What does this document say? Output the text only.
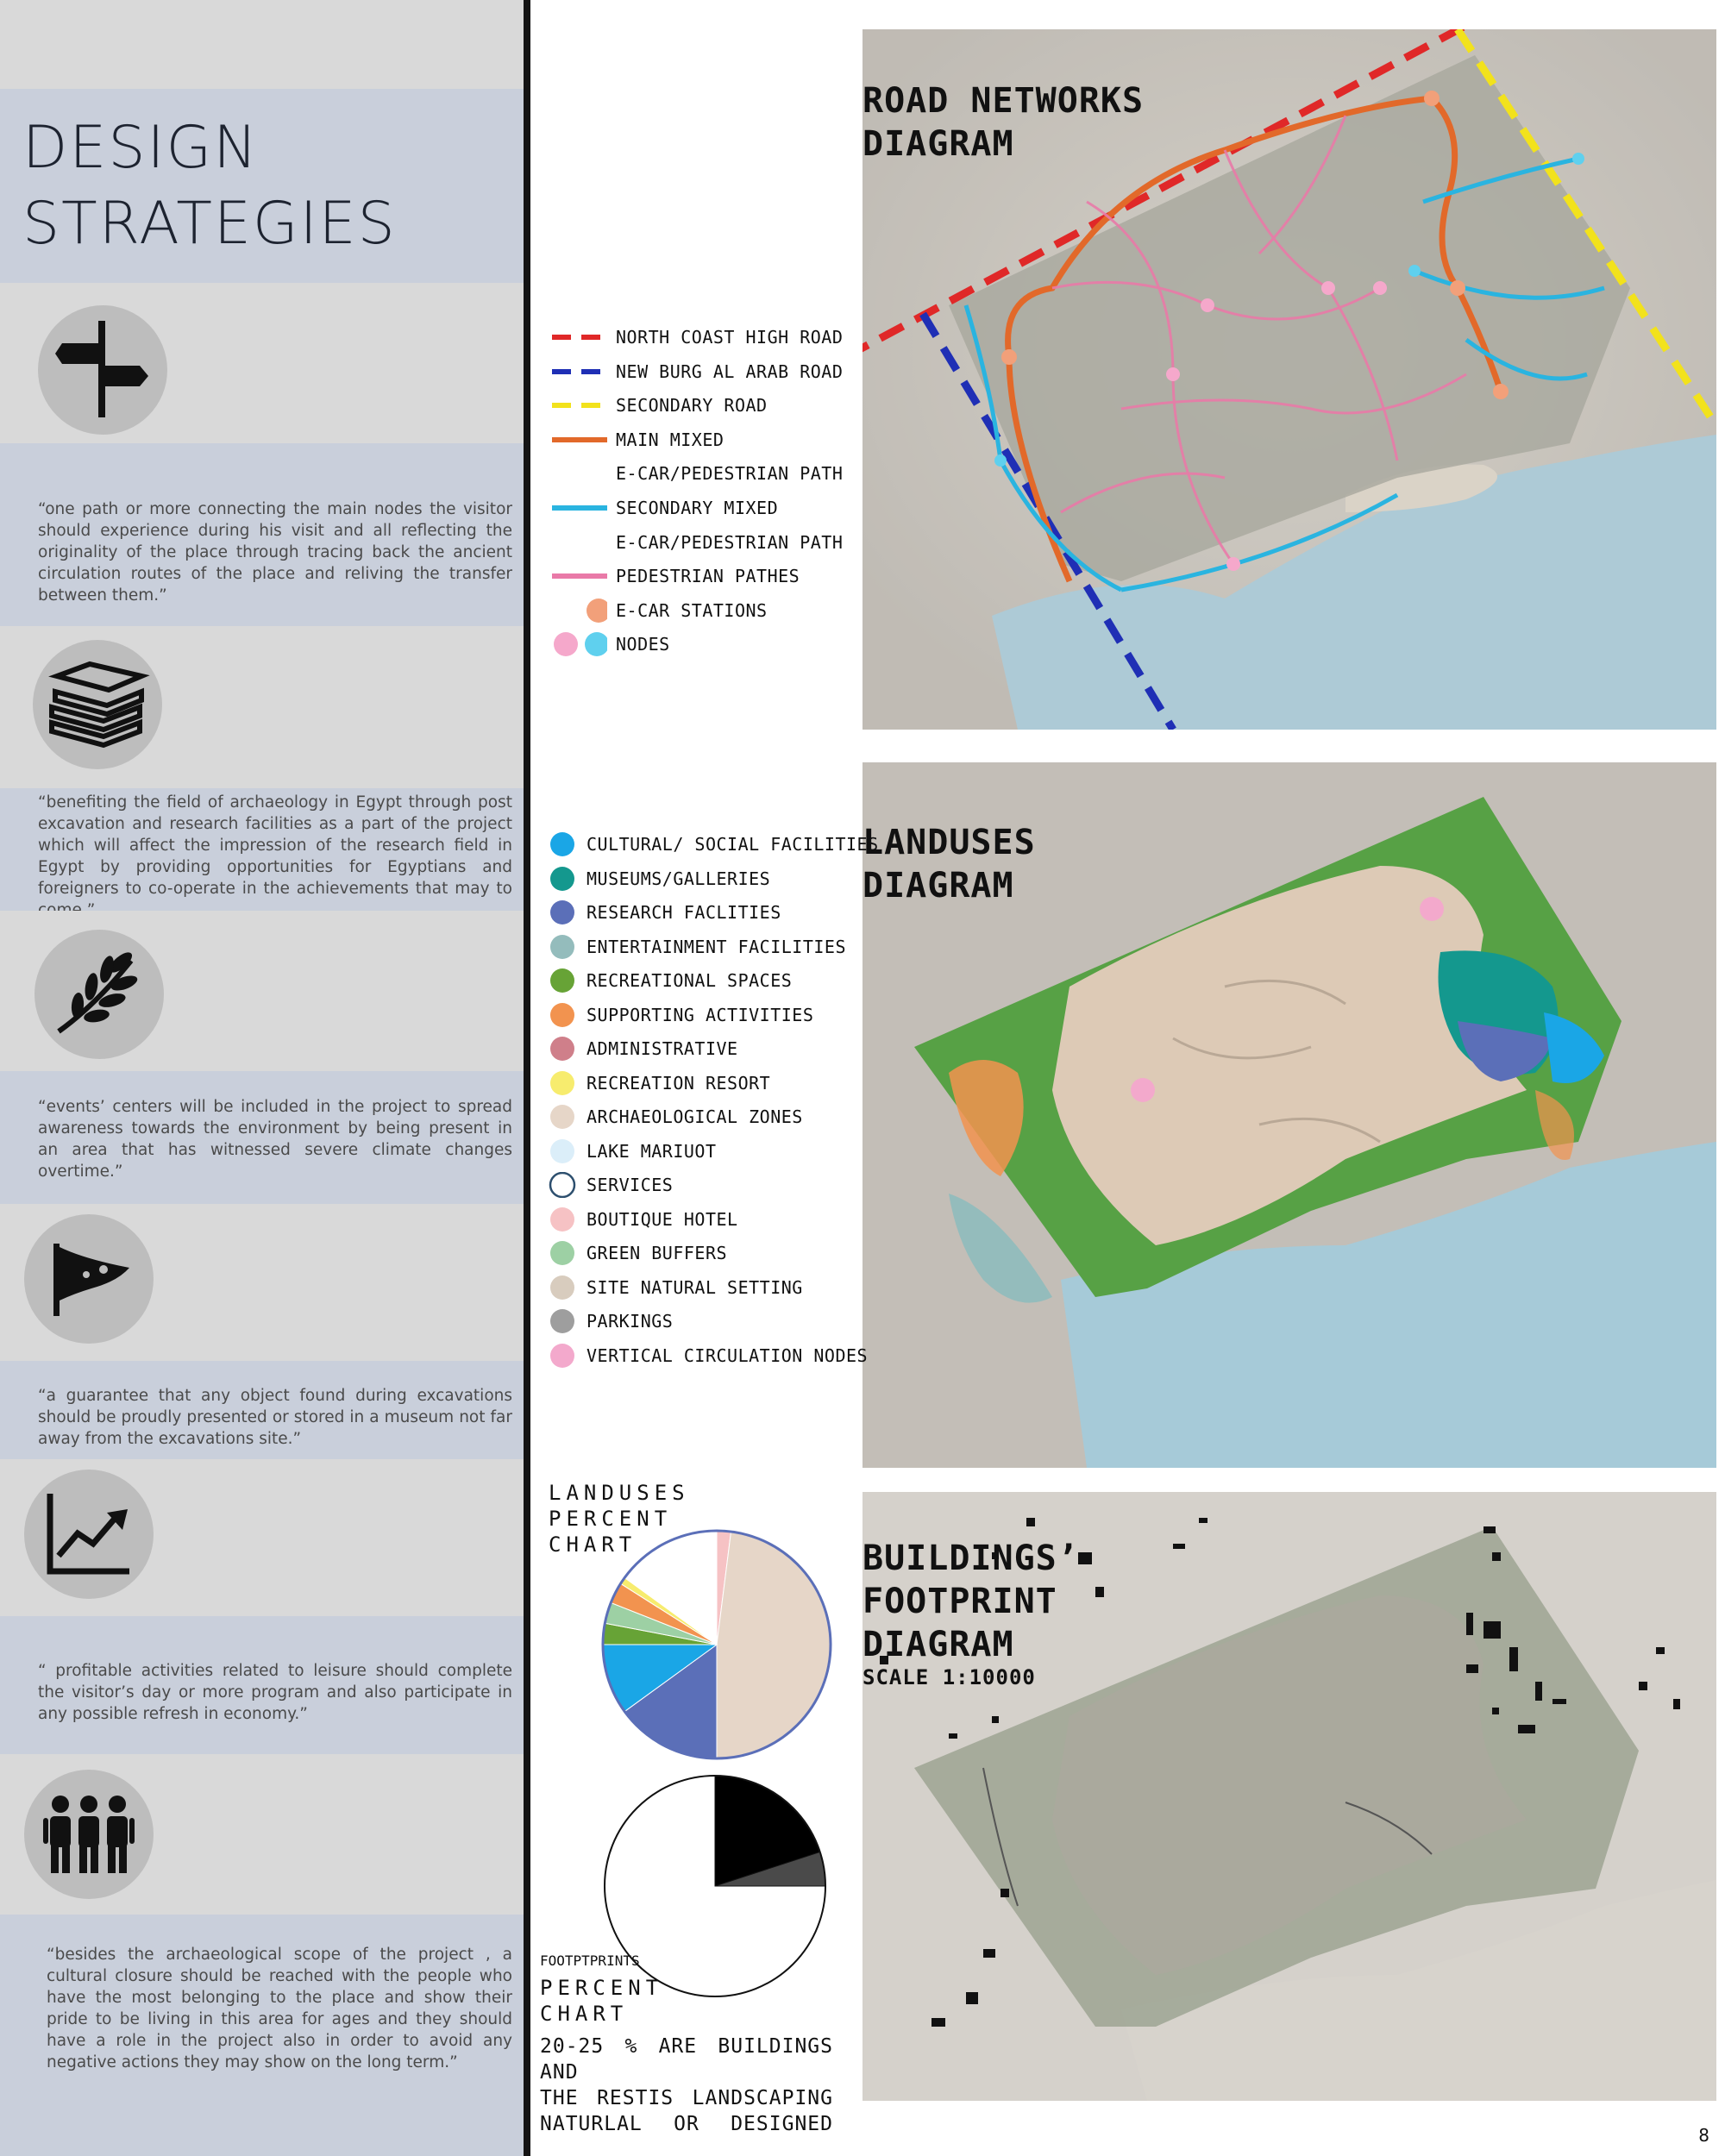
DESIGN
STRATEGIES
“one path or more connecting the main nodes the visitor should experience during his visit and all reflecting the originality of the place through tracing back the ancient circulation routes of the place and reliving the transfer between them.”
“benefiting the field of archaeology in Egypt through post excavation and research facilities as a part of the project which will affect the impression of the research field in Egypt by providing opportunities for Egyptians and foreigners to co-operate in the achievements that may to
“events’ centers will be included in the project to spread awareness towards the environment by being present in an area that has witnessed severe climate changes overtime.”
“a guarantee that any object found during excavations should be proudly presented or stored in a museum not far away from the excavations site.”
“ profitable activities related to leisure should complete the visitor’s day or more program and also participate in any possible refresh in economy.”
“besides the archaeological scope of the project , a cultural closure should be reached with the people who have the most belonging to the place and show their pride to be living in this area for ages and they should have a role in the project also in order to avoid any negative actions they may show on the long term.”
ROAD NETWORKS
DIAGRAM
NORTH COAST HIGH ROAD
NEW BURG AL ARAB ROAD
SECONDARY ROAD
MAIN MIXED
E-CAR/PEDESTRIAN PATH
SECONDARY MIXED
E-CAR/PEDESTRIAN PATH
PEDESTRIAN PATHES
E-CAR STATIONS
NODES
LANDUSES
DIAGRAM
CULTURAL/ SOCIAL FACILITIES
MUSEUMS/GALLERIES
RESEARCH FACLITIES
ENTERTAINMENT FACILITIES
RECREATIONAL SPACES
SUPPORTING ACTIVITIES
ADMINISTRATIVE
RECREATION RESORT
ARCHAEOLOGICAL ZONES
LAKE MARIUOT
SERVICES
BOUTIQUE HOTEL
GREEN BUFFERS
SITE NATURAL SETTING
PARKINGS
VERTICAL CIRCULATION NODES
BUILDINGS’
FOOTPRINT
DIAGRAM
SCALE 1:10000
LANDUSES
PERCENT
CHART
FOOTPTPRINTS
PERCENT
CHART
20-25 % ARE BUILDINGS AND
THE RESTIS LANDSCAPING
NATURLAL OR DESIGNED	8
